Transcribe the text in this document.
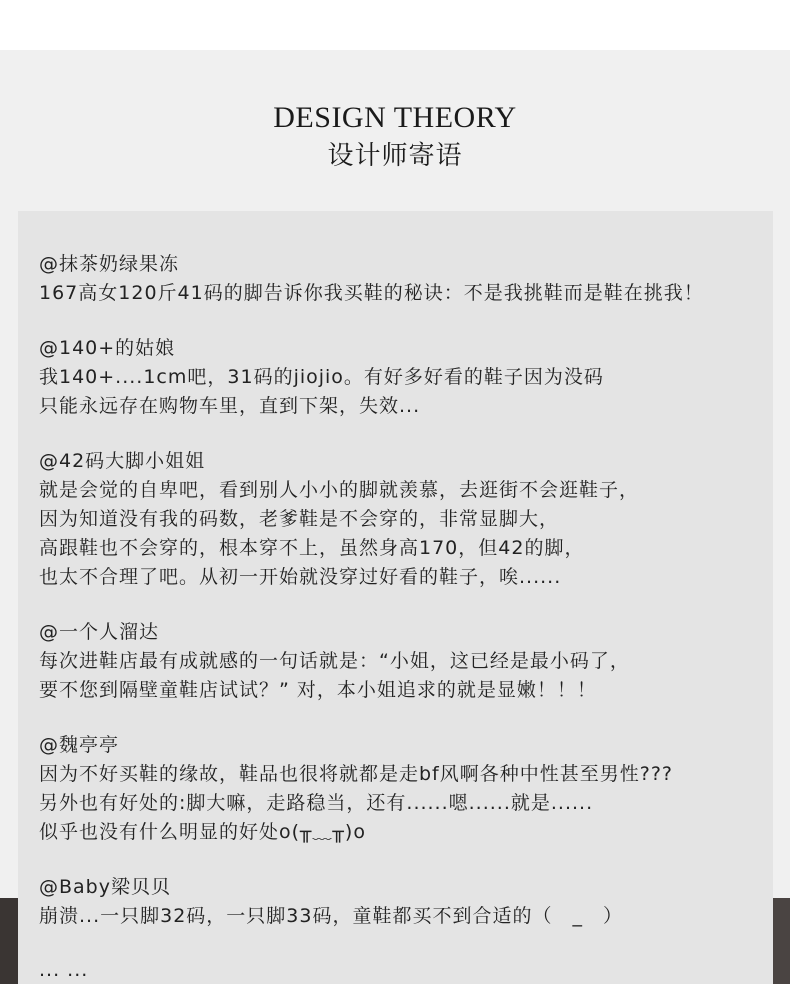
DESIGN THEORY
设计师寄语
@抹茶奶绿果冻
167高女120斤41码的脚告诉你我买鞋的秘诀：不是我挑鞋而是鞋在挑我！
@140+的姑娘
我140+....1cm吧，31码的jiojio。有好多好看的鞋子因为没码
只能永远存在购物车里，直到下架，失效...
@42码大脚小姐姐
就是会觉的自卑吧，看到别人小小的脚就羡慕，去逛街不会逛鞋子，
因为知道没有我的码数，老爹鞋是不会穿的，非常显脚大，
高跟鞋也不会穿的，根本穿不上，虽然身高170，但42的脚，
也太不合理了吧。从初一开始就没穿过好看的鞋子，唉......
@一个人溜达
每次进鞋店最有成就感的一句话就是：“小姐，这已经是最小码了，
要不您到隔壁童鞋店试试？” 对，本小姐追求的就是显嫩！！！
@魏亭亭
因为不好买鞋的缘故，鞋品也很将就都是走bf风啊各种中性甚至男性???
另外也有好处的:脚大嘛，走路稳当，还有......嗯......就是......
似乎也没有什么明显的好处o(╥﹏╥)o
@Baby梁贝贝
崩溃...一只脚32码，一只脚33码，童鞋都买不到合适的（　_　）
... ...
